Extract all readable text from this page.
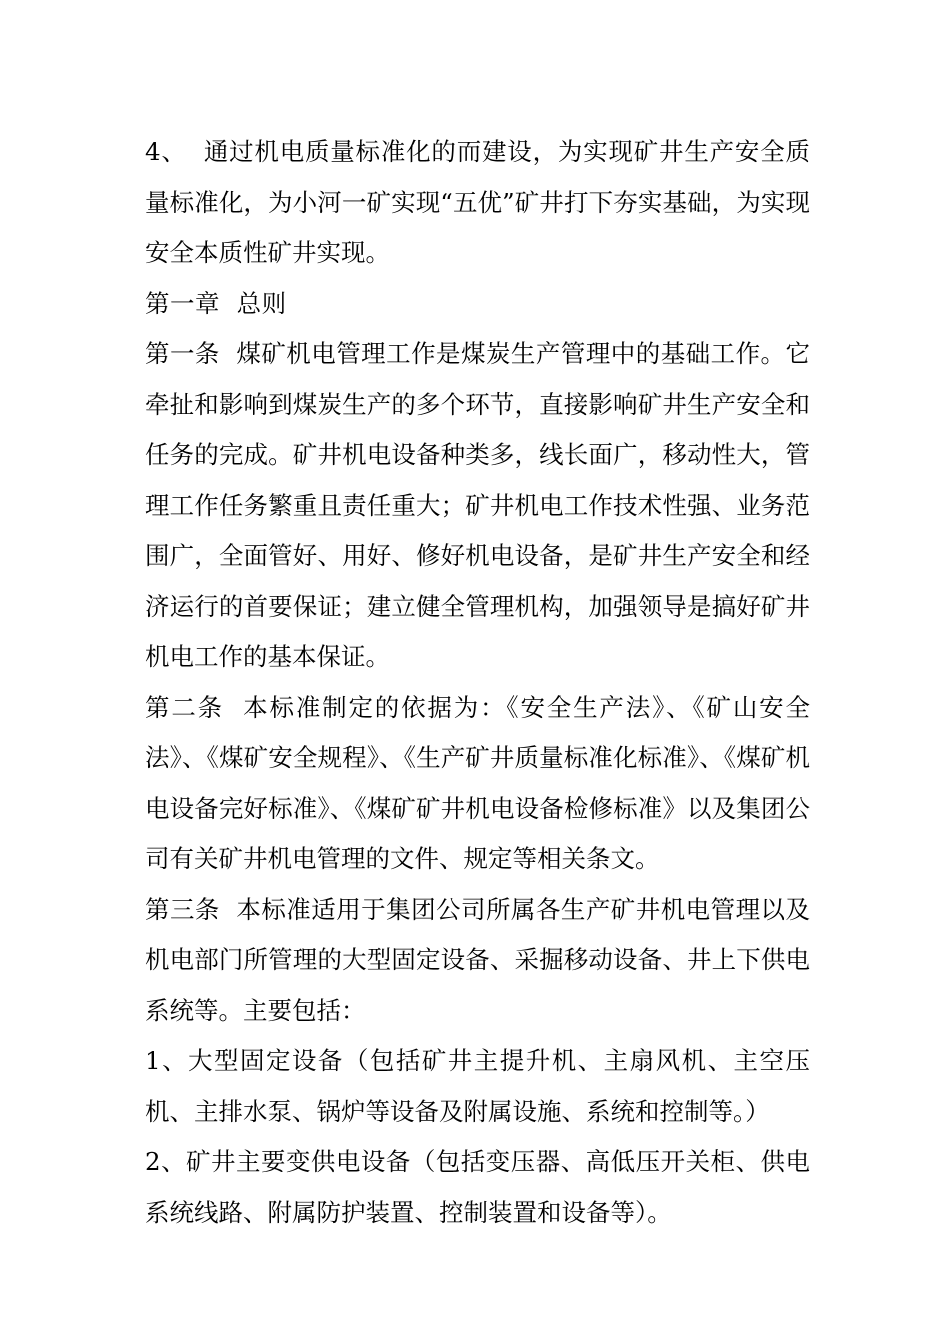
4、  通过机电质量标准化的而建设，为实现矿井生产安全质量标准化，为小河一矿实现“五优”矿井打下夯实基础，为实现安全本质性矿井实现。

第一章  总则

第一条  煤矿机电管理工作是煤炭生产管理中的基础工作。它牵扯和影响到煤炭生产的多个环节，直接影响矿井生产安全和任务的完成。矿井机电设备种类多，线长面广，移动性大，管理工作任务繁重且责任重大；矿井机电工作技术性强、业务范围广，全面管好、用好、修好机电设备，是矿井生产安全和经济运行的首要保证；建立健全管理机构，加强领导是搞好矿井机电工作的基本保证。

第二条  本标准制定的依据为：《安全生产法》、《矿山安全法》、《煤矿安全规程》、《生产矿井质量标准化标准》、《煤矿机电设备完好标准》、《煤矿矿井机电设备检修标准》以及集团公司有关矿井机电管理的文件、规定等相关条文。

第三条  本标准适用于集团公司所属各生产矿井机电管理以及机电部门所管理的大型固定设备、采掘移动设备、井上下供电系统等。主要包括：

1、大型固定设备（包括矿井主提升机、主扇风机、主空压机、主排水泵、锅炉等设备及附属设施、系统和控制等。）

2、矿井主要变供电设备（包括变压器、高低压开关柜、供电系统线路、附属防护装置、控制装置和设备等）。
